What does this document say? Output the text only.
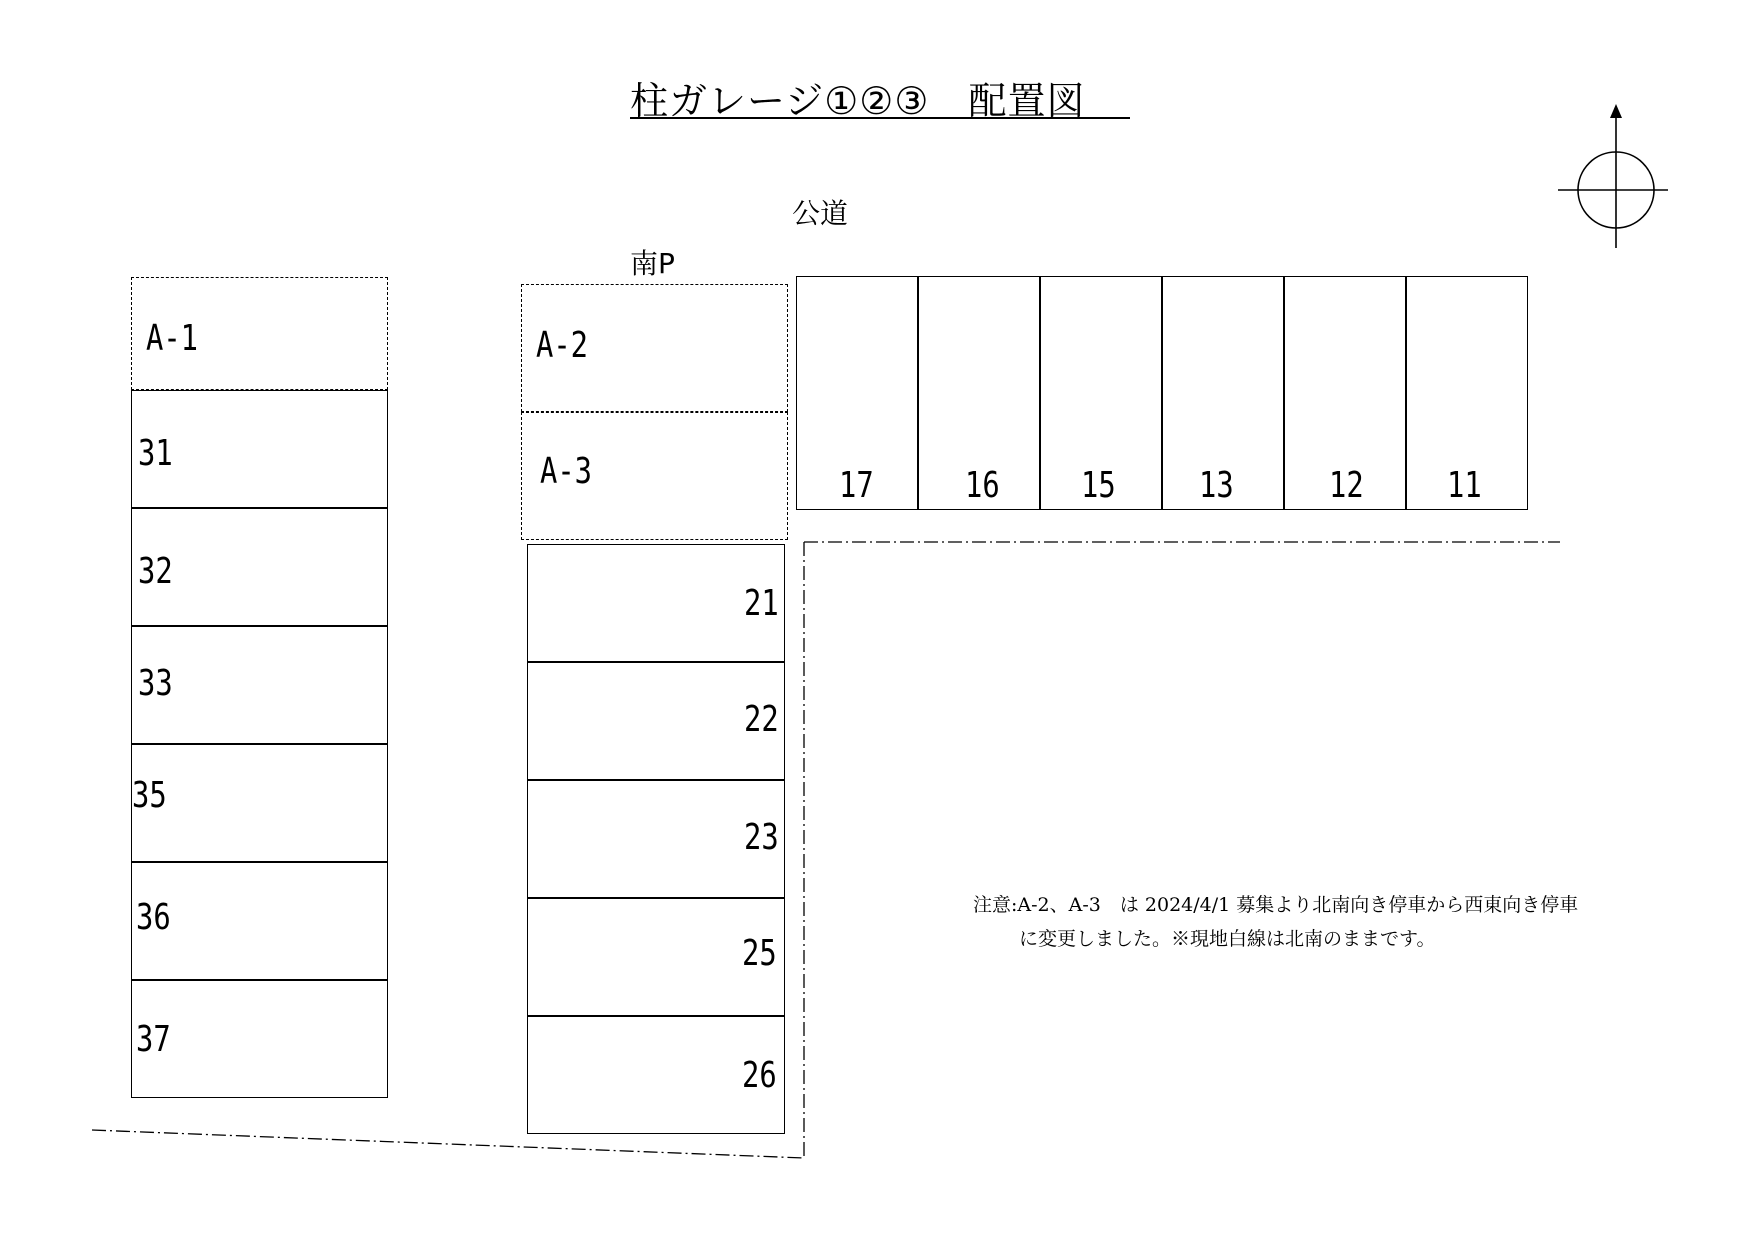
柱ガレージ①②③　配置図
公道
南P
A-1
31
32
33
35
36
37
A-2
A-3
21
22
23
25
26
17	16 15 13	12 11
注意:A-2、A-3　は 2024/4/1 募集より北南向き停車から西東向き停車
に変更しました。※現地白線は北南のままです。
